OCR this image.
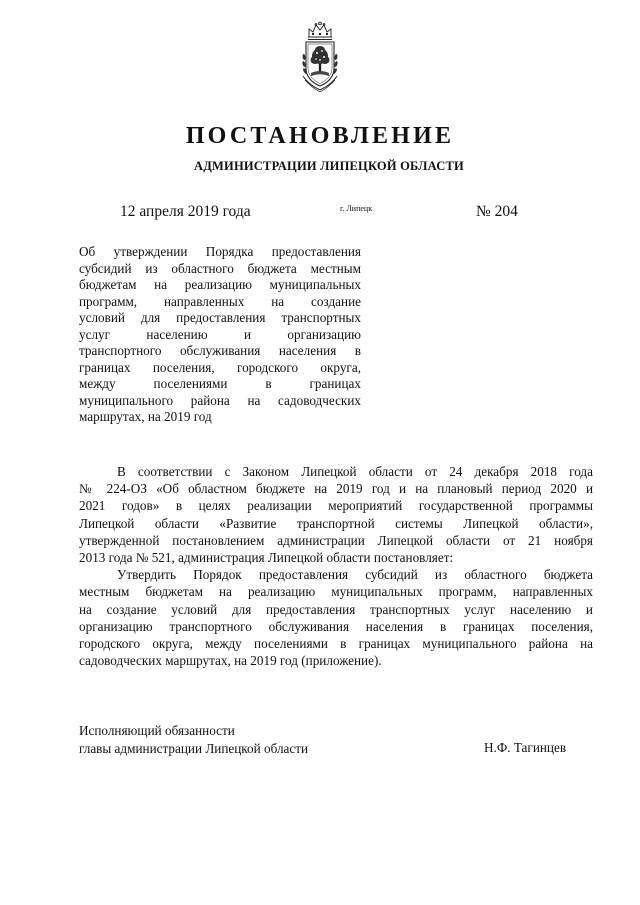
ПОСТАНОВЛЕНИЕ
АДМИНИСТРАЦИИ ЛИПЕЦКОЙ ОБЛАСТИ
12 апреля 2019 года	г. Липецк	№ 204
Об утверждении Порядка предоставления
субсидий из областного бюджета местным
бюджетам на реализацию муниципальных
программ, направленных на создание
условий для предоставления транспортных
услуг населению и организацию
транспортного обслуживания населения в
границах поселения, городского округа,
между поселениями в границах
муниципального района на садоводческих
маршрутах, на 2019 год
В соответствии с Законом Липецкой области от 24 декабря 2018 года
№ 224-ОЗ «Об областном бюджете на 2019 год и на плановый период 2020 и
2021 годов» в целях реализации мероприятий государственной программы
Липецкой области «Развитие транспортной системы Липецкой области»,
утвержденной постановлением администрации Липецкой области от 21 ноября
2013 года № 521, администрация Липецкой области постановляет:
Утвердить Порядок предоставления субсидий из областного бюджета
местным бюджетам на реализацию муниципальных программ, направленных
на создание условий для предоставления транспортных услуг населению и
организацию транспортного обслуживания населения в границах поселения,
городского округа, между поселениями в границах муниципального района на
садоводческих маршрутах, на 2019 год (приложение).
Исполняющий обязанности
главы администрации Липецкой области	Н.Ф. Тагинцев
